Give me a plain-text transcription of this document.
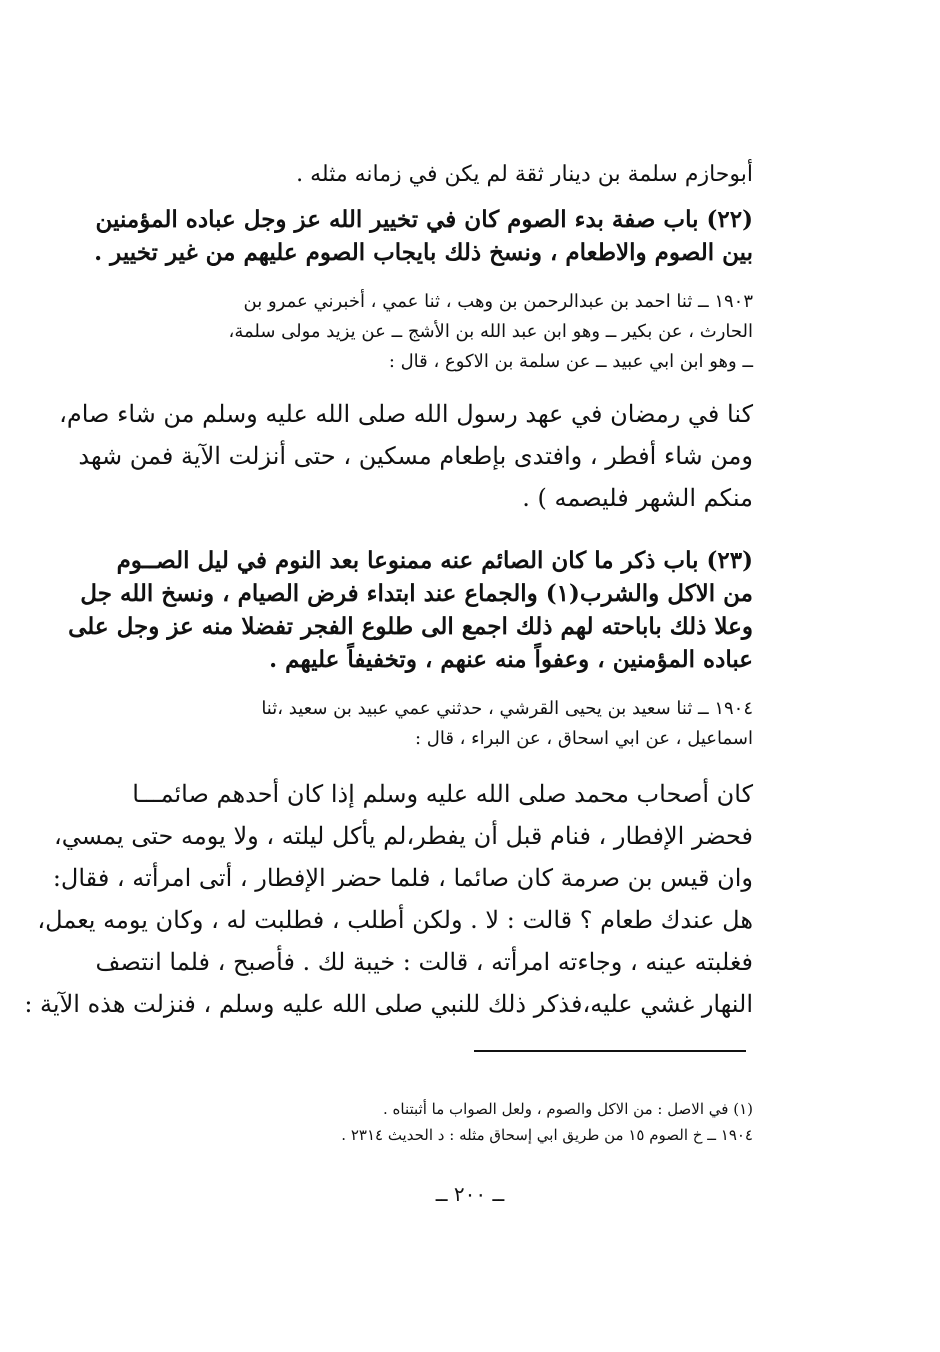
أبوحازم سلمة بن دينار ثقة لم يكن في زمانه مثله .

(٢٢) باب صفة بدء الصوم كان في تخيير الله عز وجل عباده المؤمنين
بين الصوم والاطعام ، ونسخ ذلك بايجاب الصوم عليهم من غير تخيير .
١٩٠٣ ــ ثنا احمد بن عبدالرحمن بن وهب ، ثنا عمي ، أخبرني عمرو بن
الحارث ، عن بكير ــ وهو ابن عبد الله بن الأشج ــ عن يزيد مولى سلمة،
ــ وهو ابن ابي عبيد ــ عن سلمة بن الاكوع ، قال :
كنا في رمضان في عهد رسول الله صلى الله عليه وسلم من شاء صام،
ومن شاء أفطر ، وافتدى بإطعام مسكين ، حتى أنزلت الآية فمن شهد
منكم الشهر فليصمه ) .
(٢٣) باب ذكر ما كان الصائم عنه ممنوعا بعد النوم في ليل الصــوم
من الاكل والشرب(١) والجماع عند ابتداء فرض الصيام ، ونسخ الله جل
وعلا ذلك باباحته لهم ذلك اجمع الى طلوع الفجر تفضلا منه عز وجل على
عباده المؤمنين ، وعفواً منه عنهم ، وتخفيفاً عليهم .
١٩٠٤ ــ ثنا سعيد بن يحيى القرشي ، حدثني عمي عبيد بن سعيد ،ثنا
اسماعيل ، عن ابي اسحاق ، عن البراء ، قال :
كان أصحاب محمد صلى الله عليه وسلم إذا كان أحدهم صائمـــا
فحضر الإفطار ، فنام قبل أن يفطر،لم يأكل ليلته ، ولا يومه حتى يمسي،
وان قيس بن صرمة كان صائما ، فلما حضر الإفطار ، أتى امرأته ، فقال:
هل عندك طعام ؟ قالت : لا . ولكن أطلب ، فطلبت له ، وكان يومه يعمل،
فغلبته عينه ، وجاءته امرأته ، قالت : خيبة لك . فأصبح ، فلما انتصف
النهار غشي عليه،فذكر ذلك للنبي صلى الله عليه وسلم ، فنزلت هذه الآية :
(١) في الاصل : من الاكل والصوم ، ولعل الصواب ما أثبتناه .
١٩٠٤ ــ خ الصوم ١٥ من طريق ابي إسحاق مثله : د الحديث ٢٣١٤ .
ــ ٢٠٠ ــ
